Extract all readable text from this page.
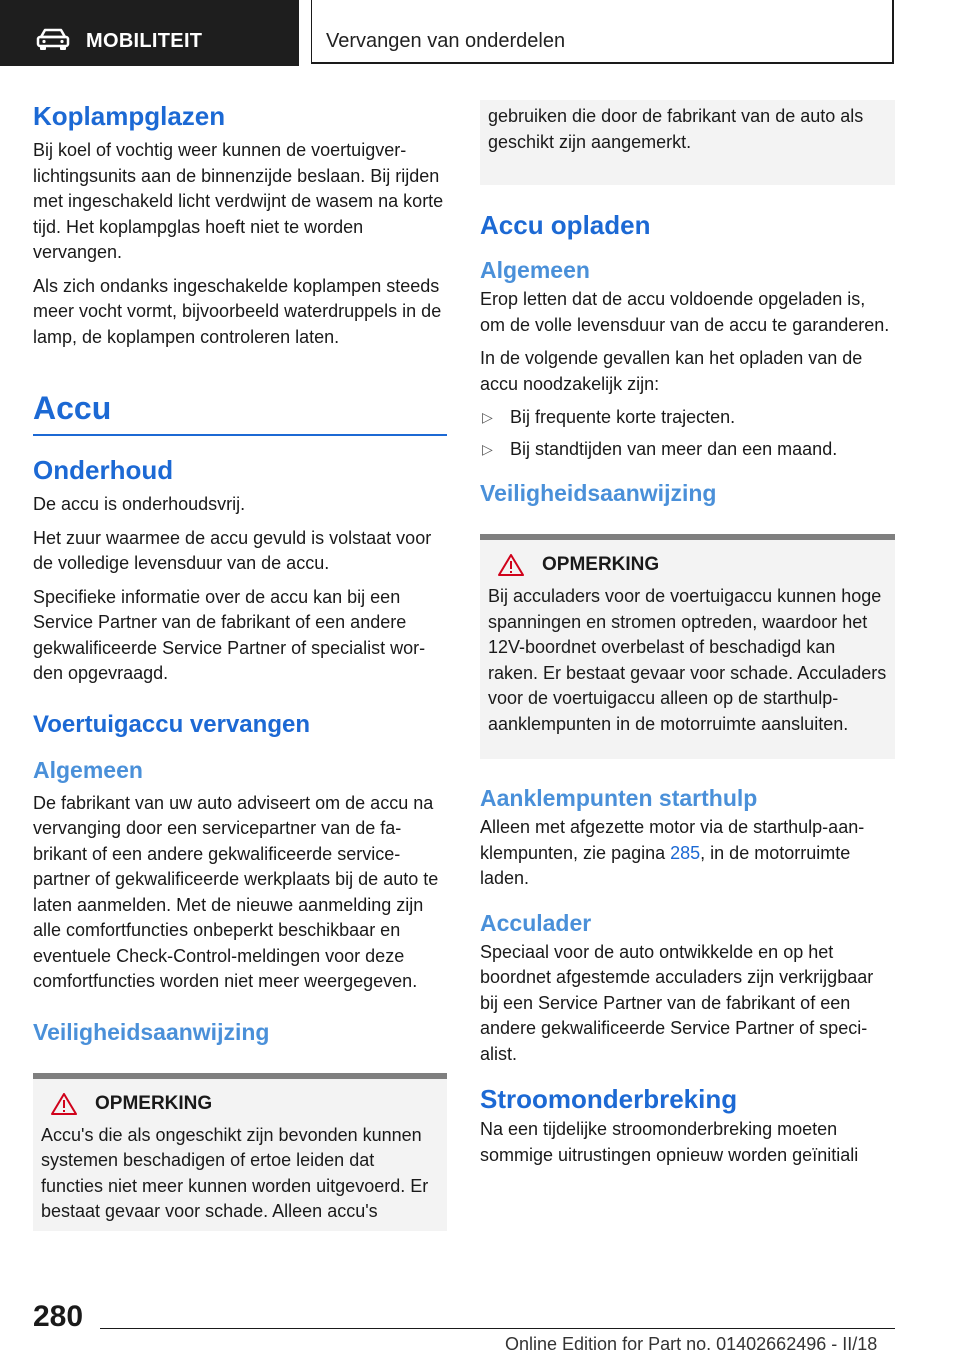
MOBILITEIT	Vervangen van onderdelen
Koplampglazen

Bij koel of vochtig weer kunnen de voertuigverlichtingsunits aan de binnenzijde beslaan. Bij rijden met ingeschakeld licht verdwijnt de wasem na korte tijd. Het koplampglas hoeft niet te worden vervangen.

Als zich ondanks ingeschakelde koplampen steeds meer vocht vormt, bijvoorbeeld waterdruppels in de lamp, de koplampen controleren laten.

Accu
Onderhoud

De accu is onderhoudsvrij.

Het zuur waarmee de accu gevuld is volstaat voor de volledige levensduur van de accu.

Specifieke informatie over de accu kan bij een Service Partner van de fabrikant of een andere gekwalificeerde Service Partner of specialist worden opgevraagd.

Voertuigaccu vervangen
Algemeen

De fabrikant van uw auto adviseert om de accu na vervanging door een servicepartner van de fabrikant of een andere gekwalificeerde servicepartner of gekwalificeerde werkplaats bij de auto te laten aanmelden. Met de nieuwe aanmelding zijn alle comfortfuncties onbeperkt beschikbaar en eventuele Check-Control-meldingen voor deze comfortfuncties worden niet meer weergegeven.

Veiligheidsaanwijzing
OPMERKING

Accu's die als ongeschikt zijn bevonden kunnen systemen beschadigen of ertoe leiden dat functies niet meer kunnen worden uitgevoerd. Er bestaat gevaar voor schade. Alleen accu's

gebruiken die door de fabrikant van de auto als geschikt zijn aangemerkt.

Accu opladen
Algemeen

Erop letten dat de accu voldoende opgeladen is, om de volle levensduur van de accu te garanderen.

In de volgende gevallen kan het opladen van de accu noodzakelijk zijn:

▷ Bij frequente korte trajecten.
▷ Bij standtijden van meer dan een maand.
Veiligheidsaanwijzing
OPMERKING

Bij acculaders voor de voertuigaccu kunnen hoge spanningen en stromen optreden, waardoor het 12V-boordnet overbelast of beschadigd kan raken. Er bestaat gevaar voor schade. Acculaders voor de voertuigaccu alleen op de starthulp-aanklempunten in de motorruimte aansluiten.

Aanklempunten starthulp

Alleen met afgezette motor via de starthulp-aanklempunten, zie pagina 285, in de motorruimte laden.

Acculader

Speciaal voor de auto ontwikkelde en op het boordnet afgestemde acculaders zijn verkrijgbaar bij een Service Partner van de fabrikant of een andere gekwalificeerde Service Partner of specialist.

Stroomonderbreking

Na een tijdelijke stroomonderbreking moeten sommige uitrustingen opnieuw worden geïnitiali

280
Online Edition for Part no. 01402662496 - II/18
